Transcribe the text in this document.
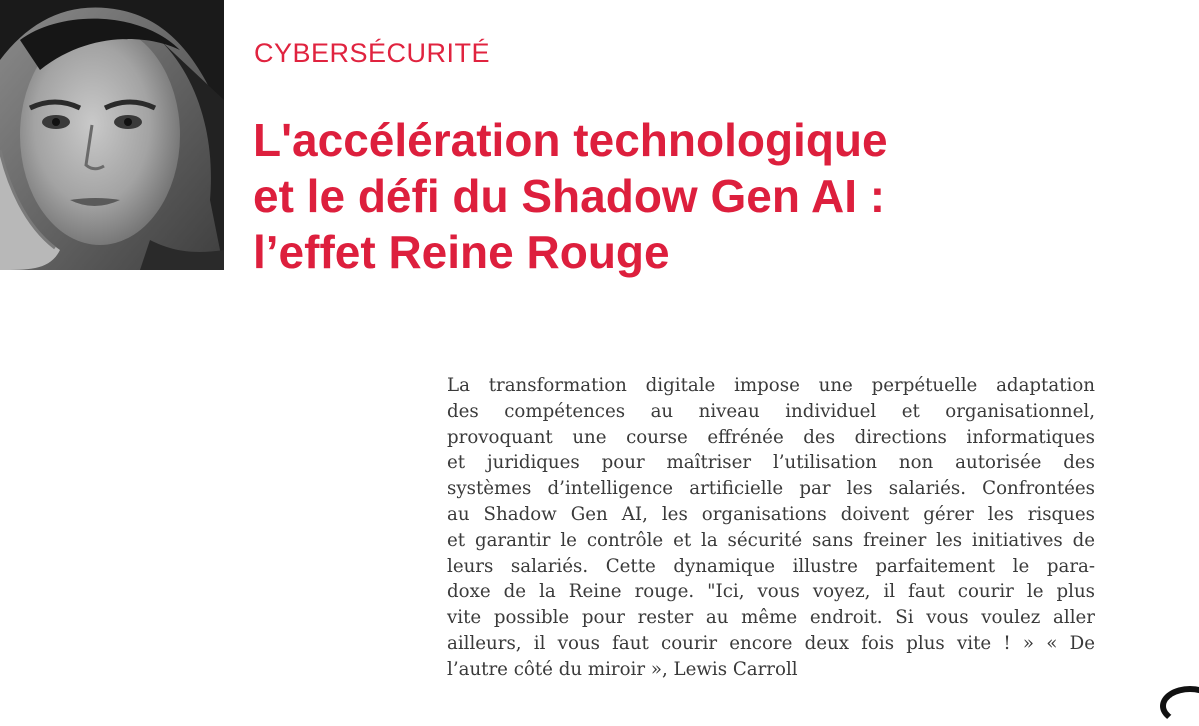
CYBERSÉCURITÉ
L'accélération technologique
et le défi du Shadow Gen AI :
l’effet Reine Rouge
La transformation digitale impose une perpétuelle adaptation
des compétences au niveau individuel et organisationnel,
provoquant une course effrénée des directions informatiques
et juridiques pour maîtriser l’utilisation non autorisée des
systèmes d’intelligence artificielle par les salariés. Confrontées
au Shadow Gen AI, les organisations doivent gérer les risques
et garantir le contrôle et la sécurité sans freiner les initiatives de
leurs salariés. Cette dynamique illustre parfaitement le para-
doxe de la Reine rouge. "Ici, vous voyez, il faut courir le plus
vite possible pour rester au même endroit. Si vous voulez aller
ailleurs, il vous faut courir encore deux fois plus vite ! » « De
l’autre côté du miroir », Lewis Carroll
